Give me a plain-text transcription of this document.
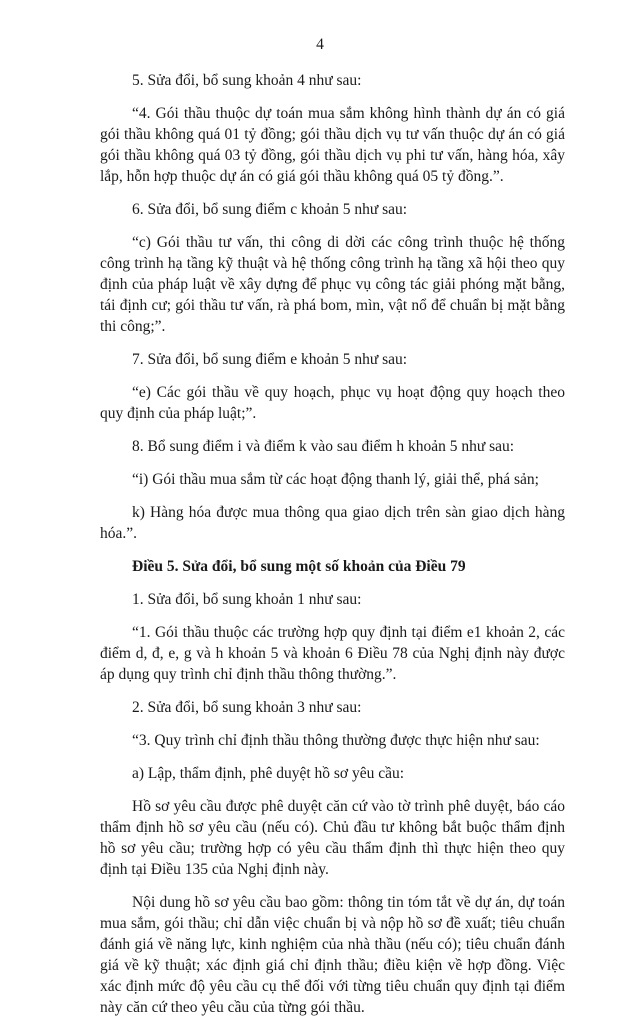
4

5. Sửa đổi, bổ sung khoản 4 như sau:

“4. Gói thầu thuộc dự toán mua sắm không hình thành dự án có giá gói thầu không quá 01 tỷ đồng; gói thầu dịch vụ tư vấn thuộc dự án có giá gói thầu không quá 03 tỷ đồng, gói thầu dịch vụ phi tư vấn, hàng hóa, xây lắp, hỗn hợp thuộc dự án có giá gói thầu không quá 05 tỷ đồng.”.

6. Sửa đổi, bổ sung điểm c khoản 5 như sau:

“c) Gói thầu tư vấn, thi công di dời các công trình thuộc hệ thống công trình hạ tầng kỹ thuật và hệ thống công trình hạ tầng xã hội theo quy định của pháp luật về xây dựng để phục vụ công tác giải phóng mặt bằng, tái định cư; gói thầu tư vấn, rà phá bom, mìn, vật nổ để chuẩn bị mặt bằng thi công;”.

7. Sửa đổi, bổ sung điểm e khoản 5 như sau:

“e) Các gói thầu về quy hoạch, phục vụ hoạt động quy hoạch theo quy định của pháp luật;”.

8. Bổ sung điểm i và điểm k vào sau điểm h khoản 5 như sau:

“i) Gói thầu mua sắm từ các hoạt động thanh lý, giải thể, phá sản;

k) Hàng hóa được mua thông qua giao dịch trên sàn giao dịch hàng hóa.”.

Điều 5. Sửa đổi, bổ sung một số khoản của Điều 79

1. Sửa đổi, bổ sung khoản 1 như sau:

“1. Gói thầu thuộc các trường hợp quy định tại điểm e1 khoản 2, các điểm d, đ, e, g và h khoản 5 và khoản 6 Điều 78 của Nghị định này được áp dụng quy trình chỉ định thầu thông thường.”.

2. Sửa đổi, bổ sung khoản 3 như sau:

“3. Quy trình chỉ định thầu thông thường được thực hiện như sau:

a) Lập, thẩm định, phê duyệt hồ sơ yêu cầu:

Hồ sơ yêu cầu được phê duyệt căn cứ vào tờ trình phê duyệt, báo cáo thẩm định hồ sơ yêu cầu (nếu có). Chủ đầu tư không bắt buộc thẩm định hồ sơ yêu cầu; trường hợp có yêu cầu thẩm định thì thực hiện theo quy định tại Điều 135 của Nghị định này.

Nội dung hồ sơ yêu cầu bao gồm: thông tin tóm tắt về dự án, dự toán mua sắm, gói thầu; chỉ dẫn việc chuẩn bị và nộp hồ sơ đề xuất; tiêu chuẩn đánh giá về năng lực, kinh nghiệm của nhà thầu (nếu có); tiêu chuẩn đánh giá về kỹ thuật; xác định giá chỉ định thầu; điều kiện về hợp đồng. Việc xác định mức độ yêu cầu cụ thể đối với từng tiêu chuẩn quy định tại điểm này căn cứ theo yêu cầu của từng gói thầu.
